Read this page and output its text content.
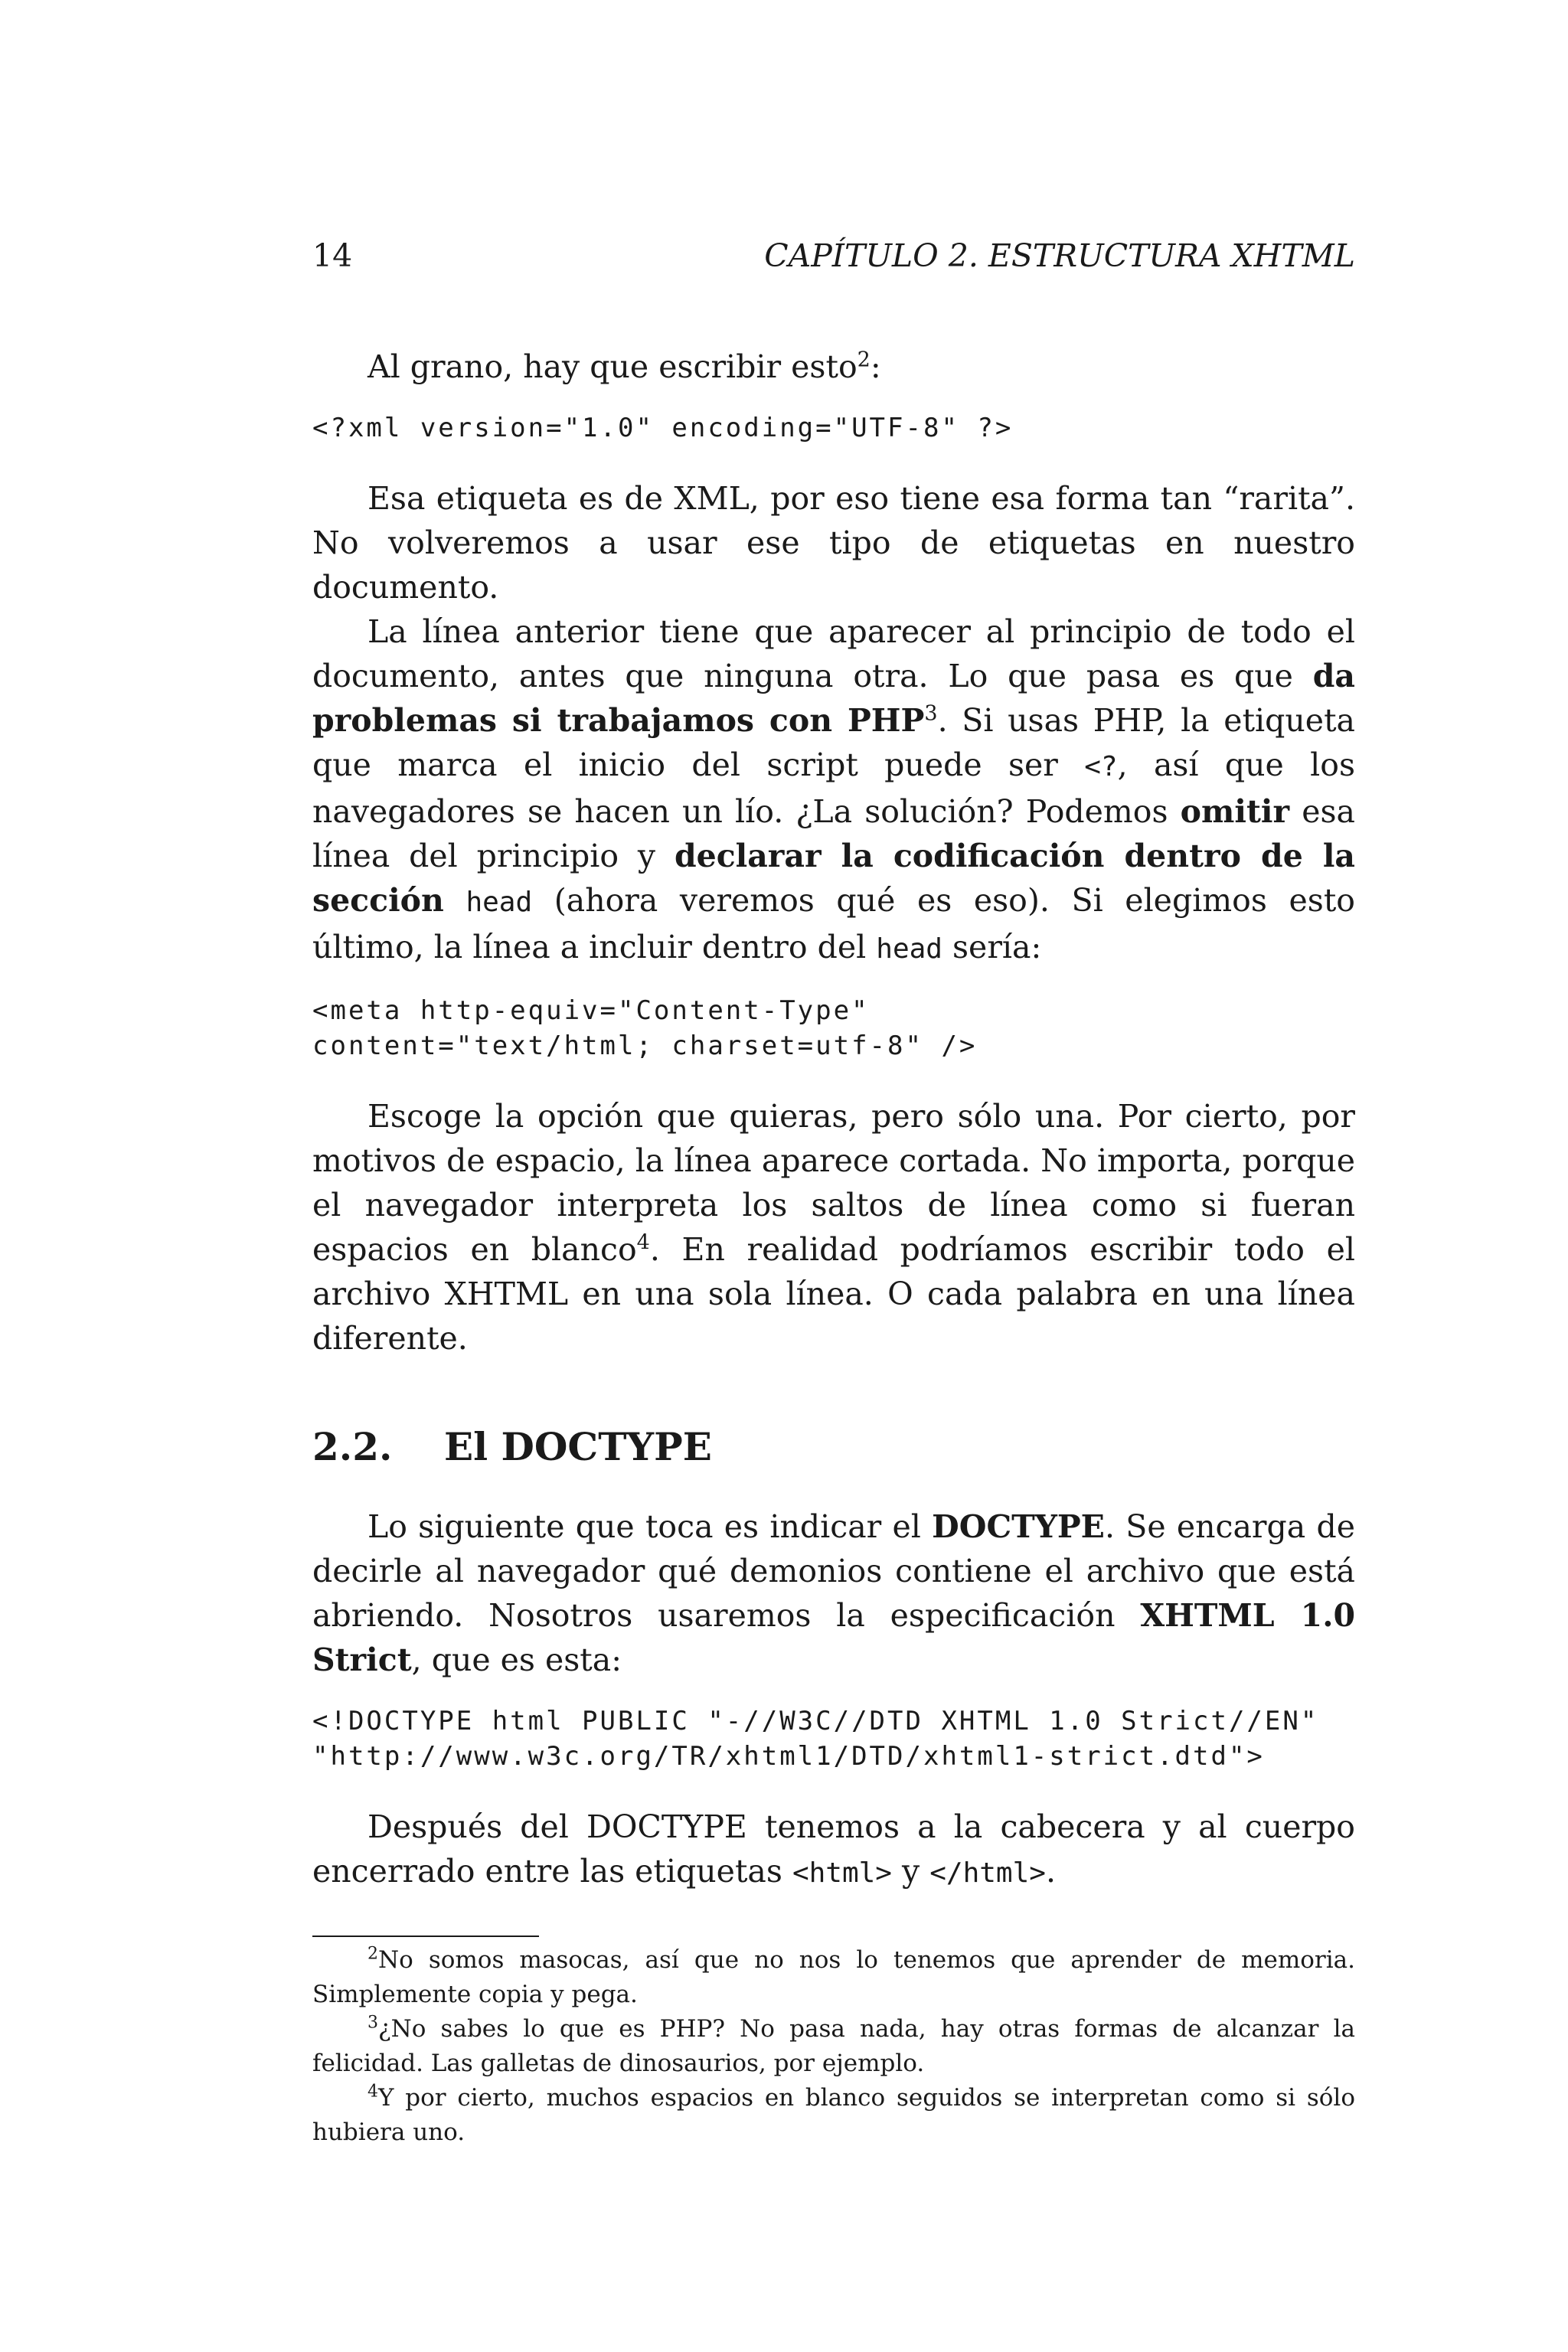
14	CAPÍTULO 2. ESTRUCTURA XHTML

Al grano, hay que escribir esto$^2$:

<?xml version="1.0" encoding="UTF-8" ?>

Esa etiqueta es de XML, por eso tiene esa forma tan “rarita”. No volveremos a usar ese tipo de etiquetas en nuestro documento.

La línea anterior tiene que aparecer al principio de todo el documento, antes que ninguna otra. Lo que pasa es que da problemas si trabajamos con PHP$^3$. Si usas PHP, la etiqueta que marca el inicio del script puede ser <?, así que los navegadores se hacen un lío. ¿La solución? Podemos omitir esa línea del principio y declarar la codificación dentro de la sección head (ahora veremos qué es eso). Si elegimos esto último, la línea a incluir dentro del head sería:

<meta http-equiv="Content-Type"
content="text/html; charset=utf-8" />

Escoge la opción que quieras, pero sólo una. Por cierto, por motivos de espacio, la línea aparece cortada. No importa, porque el navegador interpreta los saltos de línea como si fueran espacios en blanco$^4$. En realidad podríamos escribir todo el archivo XHTML en una sola línea. O cada palabra en una línea diferente.

2.2. El DOCTYPE

Lo siguiente que toca es indicar el DOCTYPE. Se encarga de decirle al navegador qué demonios contiene el archivo que está abriendo. Nosotros usaremos la especificación XHTML 1.0 Strict, que es esta:

<!DOCTYPE html PUBLIC "-//W3C//DTD XHTML 1.0 Strict//EN"
"http://www.w3c.org/TR/xhtml1/DTD/xhtml1-strict.dtd">

Después del DOCTYPE tenemos a la cabecera y al cuerpo encerrado entre las etiquetas <html> y </html>.

$^2$No somos masocas, así que no nos lo tenemos que aprender de memoria. Simplemente copia y pega.

$^3$¿No sabes lo que es PHP? No pasa nada, hay otras formas de alcanzar la felicidad. Las galletas de dinosaurios, por ejemplo.

$^4$Y por cierto, muchos espacios en blanco seguidos se interpretan como si sólo hubiera uno.
